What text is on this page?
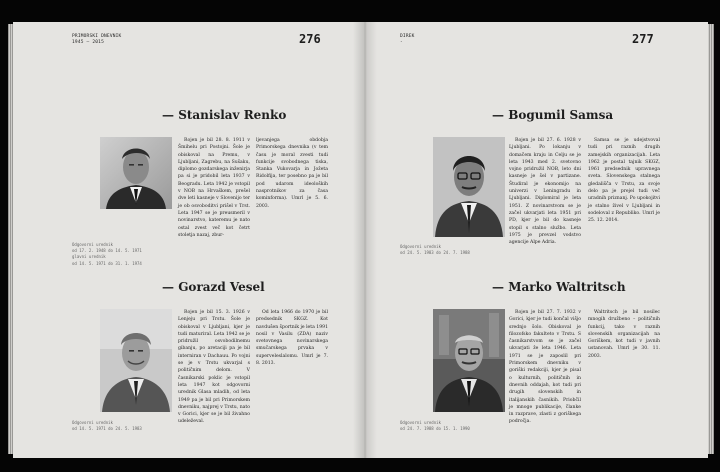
PRIMORSKI DNEVNIK
1945 – 2015	276	DIREK
-	277
— Stanislav Renko

Rojen je bil 28. 8. 1911 v Šmihelu pri Postojni. Šole je obiskoval na Premu, v Ljubljani, Zagrebu, na Sušaku, diplomo gozdarskega inženirja pa si je pridobil leta 1937 v Beogradu. Leta 1942 je vstopil v NOB na Hrvaškem, prešel dve leti kasneje v Slovenijo ter je ob osvoboditvi prišel v Trst. Leta 1947 se je preusmeril v novinarstvo, kateremu je nato ostal zvest več kot četrt stoletja nazaj, zbur-

ljevanjega obdobja Primorskega dnevnika (v tem času je moral zvesti tudi funkcije svobodnega tiska, Stanka Vukovarja in Jožeta Ridolfija, ter posebno pa je bil pod udarom ideoloških nasprotnikov za časa kominforma). Umrl je 5. 6. 2003.

Odgovorni urednik
od 17. 2. 1948 do 14. 5. 1971
glavni urednik
od 14. 5. 1971 do 31. 1. 1974
— Gorazd Vesel

Rojen je bil 15. 3. 1926 v Lenjeju pri Trstu. Šole je obiskoval v Ljubljani, kjer je tudi maturiral. Leta 1942 se je pridružil osvobodilnemu gibanju, po aretaciji pa je bil interniran v Dachauu. Po vojni se je v Trstu ukvarjal s političnim delom. V časnikarski poklic je vstopil leta 1947 kot odgovorni urednik Glasa mladih, od leta 1949 pa je bil pri Primorskem dnevniku, najprej v Trstu, nato v Gorici, kjer se je bil živahno udeleževal.

Od leta 1966 do 1970 je bil predsednik SKGZ. Kot navdušen športnik je leta 1991 nosil v Vasilu (ZDA) naziv svetovnega novinarskega smučarskega prvaka v superveleslalomu. Umrl je 7. 8. 2013.

Odgovorni urednik
od 14. 5. 1971 do 24. 5. 1983
— Bogumil Samsa

Rojen je bil 27. 6. 1928 v Ljubljani. Po lokanju v domačem kraju in Celju se je leta 1943 med 2. svetovno vojno pridružil NOB, leto dni kasneje je šel v partizane. Študiral je ekonomijo na univerzi v Leningradu in Ljubljani. Diplomiral je leta 1951. Z novinarstvom se je začel ukvarjati leta 1951 pri PD, kjer je bil do kasneje stopil s stalno službo. Leta 1975 je prevzel vodstvo agencije Alpe Adria.

Samsa se je udejstvoval tudi pri raznih drugih zamejskih organizacijah. Leta 1962 je postal tajnik SKGZ, 1961 predsednik upravnega sveta. Slovenskega stalnega gledališča v Trstu, za svoje delo pa je prejel tudi več uradnih priznanj. Po upokojitvi je stalno živel v Ljubljani in sodeloval z Republiko. Umrl je 25. 12. 2014.

Odgovorni urednik
od 24. 5. 1983 do 24. 7. 1988
— Marko Waltritsch

Rojen je bil 27. 7. 1932 v Gorici, kjer je tudi končal višjo srednjo šolo. Obiskoval je filozofsko fakulteto v Trstu. S časnikarstvom se je začel ukvarjati že leta 1946. Leta 1971 se je zaposlil pri Primorskem dnevniku v goriški redakciji, kjer je pisal o kulturnih, političnih in dnevnih oddajah, kot tudi pri drugih slovenskih in italijanskih časnikih. Priobčil je mnoge publikacije, članke in razprave, zlasti z goriškega področja.

Waltritsch je bil nosilec mnogih družbeno – političnih funkcij, tako v raznih slovenskih organizacijah na Goriškem, kot tudi v javnih ustanovah. Umrl je 30. 11. 2003.

Odgovorni urednik
od 24. 7. 1988 do 15. 1. 1990
